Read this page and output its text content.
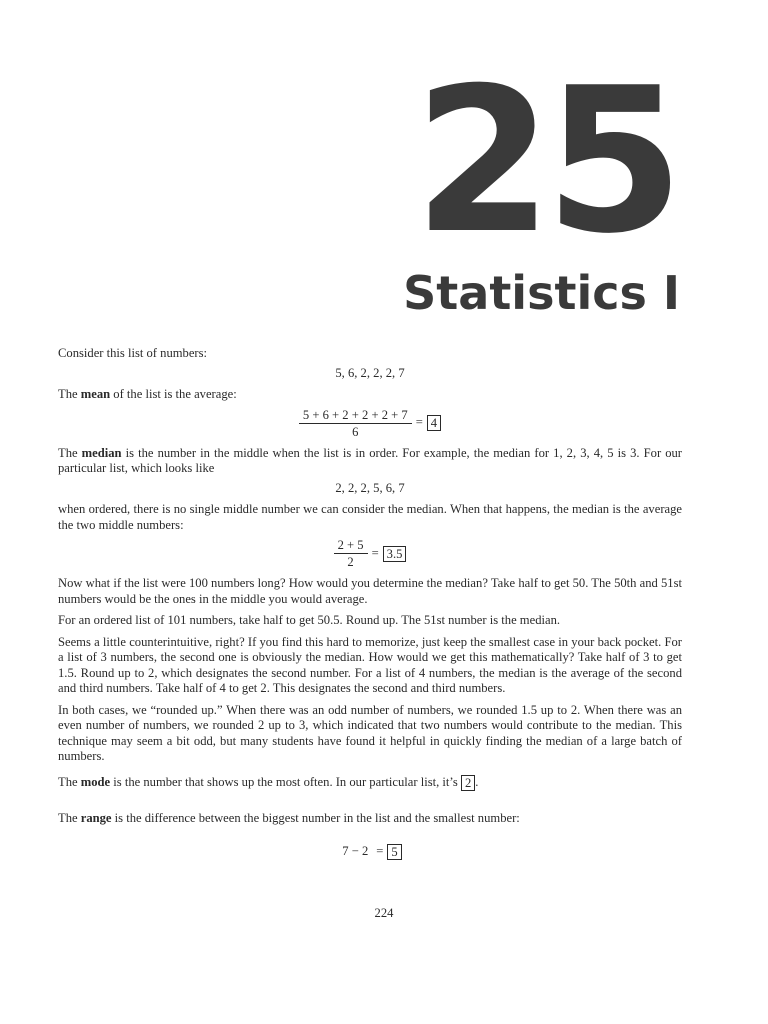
25
Statistics I

Consider this list of numbers:

5, 6, 2, 2, 2, 7

The mean of the list is the average:

$\frac{5 + 6 + 2 + 2 + 2 + 7}{6} = 4$

The median is the number in the middle when the list is in order. For example, the median for 1, 2, 3, 4, 5 is 3. For our particular list, which looks like

2, 2, 2, 5, 6, 7

when ordered, there is no single middle number we can consider the median. When that happens, the median is the average the two middle numbers:

$\frac{2 + 5}{2} = 3.5$

Now what if the list were 100 numbers long? How would you determine the median? Take half to get 50. The 50th and 51st numbers would be the ones in the middle you would average.

For an ordered list of 101 numbers, take half to get 50.5. Round up. The 51st number is the median.

Seems a little counterintuitive, right? If you find this hard to memorize, just keep the smallest case in your back pocket. For a list of 3 numbers, the second one is obviously the median. How would we get this mathematically? Take half of 3 to get 1.5. Round up to 2, which designates the second number. For a list of 4 numbers, the median is the average of the second and third numbers. Take half of 4 to get 2. This designates the second and third numbers.

In both cases, we “rounded up.” When there was an odd number of numbers, we rounded 1.5 up to 2. When there was an even number of numbers, we rounded 2 up to 3, which indicated that two numbers would contribute to the median. This technique may seem a bit odd, but many students have found it helpful in quickly finding the median of a large batch of numbers.

The mode is the number that shows up the most often. In our particular list, it’s 2 .

The range is the difference between the biggest number in the list and the smallest number:

7 − 2 = 5
224
